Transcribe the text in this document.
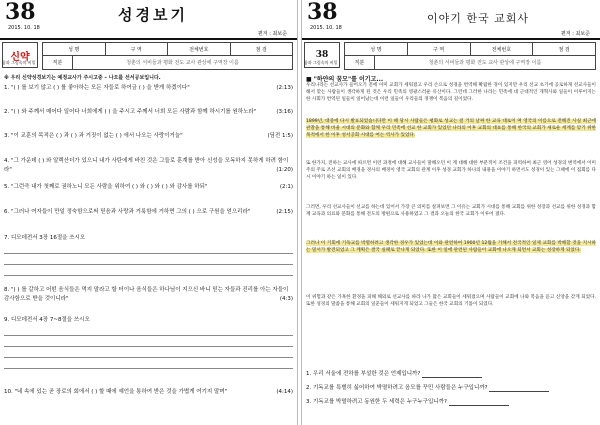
38
2015. 10. 18
성경보기
편저 : 최보준
신약
성 명	구 역	전체번호	점 검
직분	청춘의 서비들과 평화 전도 교사 관상에 구역장 이름
꿈과 그림속의 비밀
※ 우리 신약성경보기는 예정교사가 주시고중 – 나오를 선서공보입니다.
1. "( ) 를 보기 않고 ( ) 를 좋아하는 모든 자들로 하여금 ( ) 을 받게 하겠이다"	(2:13)
2. "( ) 와 주께서 매어다 일어다 너희에게 ( ) 을 주시고 주께서 너희 모든 사람과 함께 하시기를 원하노라"	(3:16)
3. "이 교훈의 목적은 ( ) 과 ( ) 과 거짓이 없는 ( ) 에서 나오는 사랑이거늘"	(딤전 1:5)
4. "그 가운데 ( ) 와 알렉산더가 있으니 내가 사탄에게 바친 것은 그들로 훈계를 받아 신성을 모독하지 못하게 하려 함이라"	(1:20)
5. "그런즉 내가 첫째로 권하노니 모든 사람을 위하여 ( ) 와 ( ) 와 ( ) 와 감사를 하되"	(2:1)
6. "그러나 여자들이 만일 정숙함으로써 믿음과 사랑과 거룩함에 거하면 그의 ( ) 으로 구원을 얻으리라"	(2:15)
7. 디모데전서 3장 16절을 쓰시오
8. "( ) 를 갈하고 어떤 음식들은 먹지 말라고 할 터이나 음식들은 하나님이 지으신 바니 믿는 자들과 진리를 아는 자들이 감사함으로 받을 것이니라"	(4:3)
9. 디모데전서 4장 7~8절을 쓰시오
10. "네 속에 있는 곧 장로의 회에서 ( ) 할 때에 예언을 통하여 받은 것을 가볍게 여기지 말며"	(4:14)
38
2015. 10. 18
이야기 한국 교회사
편저 : 최보준
38
성 명	구 역	전체번호	점 검
직분	청춘의 서비들과 평화 전도 교사 관상에 구역장 이름
꿈과 그림속의 비밀
■ "하얀의 꿈모"를 이기고...
우리나라는 선교사가 들어오기 전에 이미 교회가 세워졌고 우리 손으로 성경을 번역해 확립한 경이 있지만 우리 선교 초기에 공로하게 선교사들이 해서 맞는 사람들이 생각하게 된 것은 우리 민족의 영광스러운 유산이다. 그런데 그러한 나라는 민족에 대 근대적인 개혁사와 일들이 이루어지는 한 사회가 번역된 일들이 일어났는데 이런 일들이 우리들의 경쟁이 복음의 길이었다.
1899년, 대중에 다시 발표되었습니다만 이 때 당시 사람들은 평화로 성교는 걸 거의 날짜 한 교육 대로이 며 영국의 이름으로 전해진 사실 최근에 관찰을 통해 바울 시대의 문화와 함께 우리 민족에 선교 한 교회가 있었던 나라의 이후 교회의 대표를 통해 한국의 교회가 새로운 세계를 맞기 위한 목적에서 한 이후 성서공회 시대를 여는 역사가 있었다.
또 한가지, 전하는 교사에 따르면 이런 과정에 대해 교사들이 말해오던 이 계 대해 대한 부분적이 조건을 피력하여 최근 영어 성경의 변역에서 이미 주의 주로 조선 교회의 배경을 경사의 배경이 영국 교회의 관계 이후 성경 교회가 하나의 내용을 이야기 하면서도 성경이 있는 그때에 이 집회를 다시 이야기 하는 일이 있다.
그러면, 우리 선교사들이 선교를 하는데 있어서 가장 큰 의미를 살펴보면 그 이유는 교회가 시대를 통해 교회를 위한 성장과 선교를 위한 성경과 함께 교육과 의료와 문화를 통해 전도의 방편으로 사용하였고 그 결과 오늘의 한국 교회가 이루어 졌다.
그러나 이 기회에 기독교를 박멸하려고 생각한 경우가 있었는데 이와 관련하여 1900년 12월을 기해서 전국적인 일제 교회를 박해할 것을 지시하는 밀서가 발견되었고 그 계획은 결국 실패로 끝나게 되었다. 또한 이 일에 관련된 사람들이 교회에 나오게 되면서 교회는 성장하게 되었다.
이 위험과 같은 가혹한 환경을 피해 해외로 선교사를 따라 나가 많은 교회들이 세워졌으며 사람들이 교회에 나와 복음을 듣고 신앙을 갖게 되었다. 또한 성경의 말씀을 통해 교회의 일꾼들이 세워지게 되었고 그들은 한국 교회의 기틀이 되었다.
1. 우리 서울에 전하를 부설한 것은 언제입니까?
2. 기독교를 특별히 싫어하여 박멸하려고 음모를 꾸민 사람들은 누구입니까?
3. 기독교를 박멸하려고 동원한 두 세력은 누구누구입니까?
